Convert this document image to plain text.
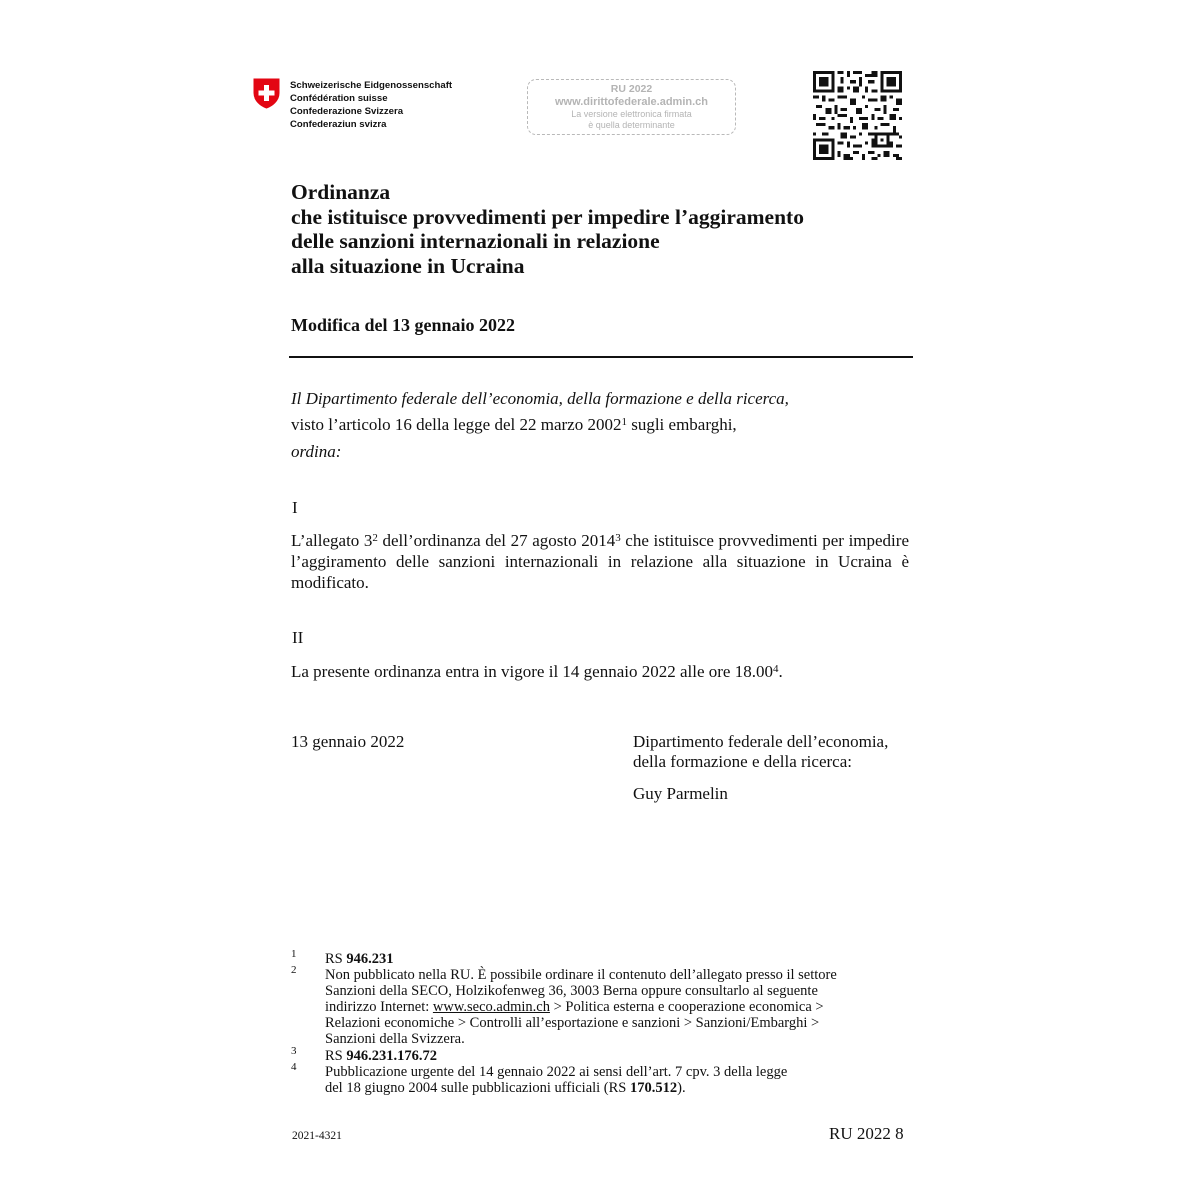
Schweizerische Eidgenossenschaft
Confédération suisse
Confederazione Svizzera
Confederaziun svizra
RU 2022
www.dirittofederale.admin.ch
La versione elettronica firmata
è quella determinante
Ordinanza
che istituisce provvedimenti per impedire l’aggiramento
delle sanzioni internazionali in relazione
alla situazione in Ucraina
Modifica del 13 gennaio 2022
Il Dipartimento federale dell’economia, della formazione e della ricerca,
visto l’articolo 16 della legge del 22 marzo 2002$^1$ sugli embarghi,
ordina:
I
L’allegato $3^2$ dell’ordinanza del 27 agosto 2014$^3$ che istituisce provvedimenti per impedire l’aggiramento delle sanzioni internazionali in relazione alla situazione in Ucraina è modificato.
II
La presente ordinanza entra in vigore il 14 gennaio 2022 alle ore 18.00$^4$.
13 gennaio 2022	Dipartimento federale dell’economia,
della formazione e della ricerca:
Guy Parmelin
1 RS 946.231
2 Non pubblicato nella RU. È possibile ordinare il contenuto dell’allegato presso il settore
Sanzioni della SECO, Holzikofenweg 36, 3003 Berna oppure consultarlo al seguente
indirizzo Internet: www.seco.admin.ch > Politica esterna e cooperazione economica >
Relazioni economiche > Controlli all’esportazione e sanzioni > Sanzioni/Embarghi >
Sanzioni della Svizzera.
3 RS 946.231.176.72
4 Pubblicazione urgente del 14 gennaio 2022 ai sensi dell’art. 7 cpv. 3 della legge
del 18 giugno 2004 sulle pubblicazioni ufficiali (RS 170.512).
2021-4321	RU 2022 8
